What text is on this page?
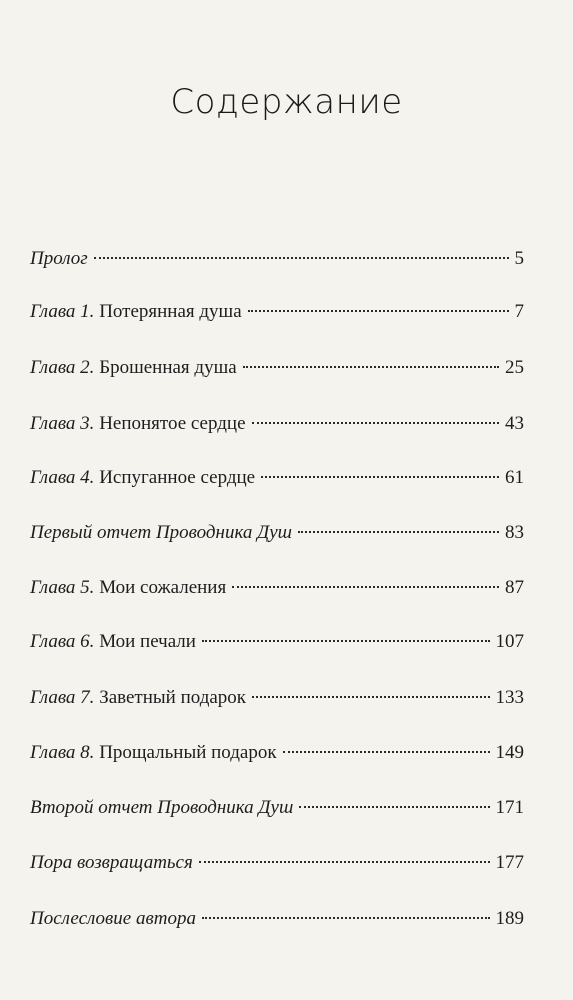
Содержание
Пролог	5
Глава 1. Потерянная душа	7
Глава 2. Брошенная душа	25
Глава 3. Непонятое сердце	43
Глава 4. Испуганное сердце	61
Первый отчет Проводника Душ	83
Глава 5. Мои сожаления	87
Глава 6. Мои печали	107
Глава 7. Заветный подарок	133
Глава 8. Прощальный подарок	149
Второй отчет Проводника Душ	171
Пора возвращаться	177
Послесловие автора	189
